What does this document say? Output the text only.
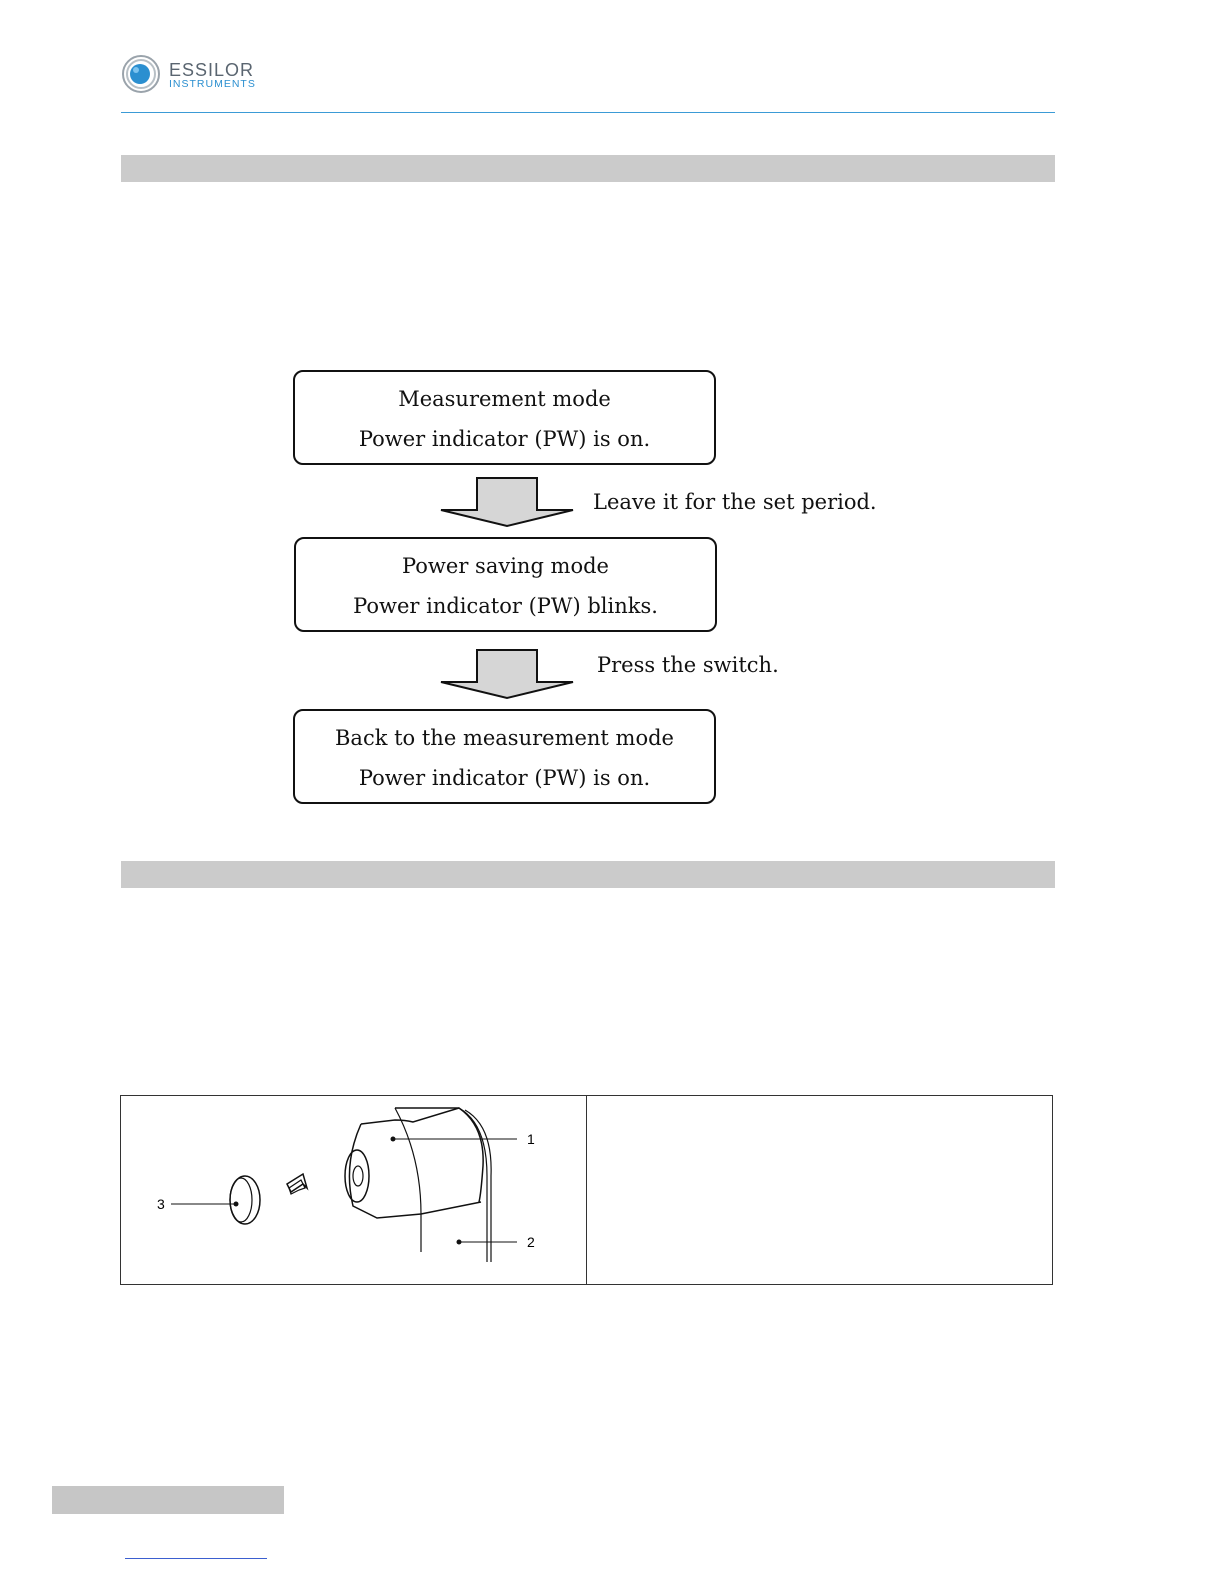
ESSILOR
INSTRUMENTS
Measurement mode
Power indicator (PW) is on.
Leave it for the set period.
Power saving mode
Power indicator (PW) blinks.
Press the switch.
Back to the measurement mode
Power indicator (PW) is on.
1
2
3
